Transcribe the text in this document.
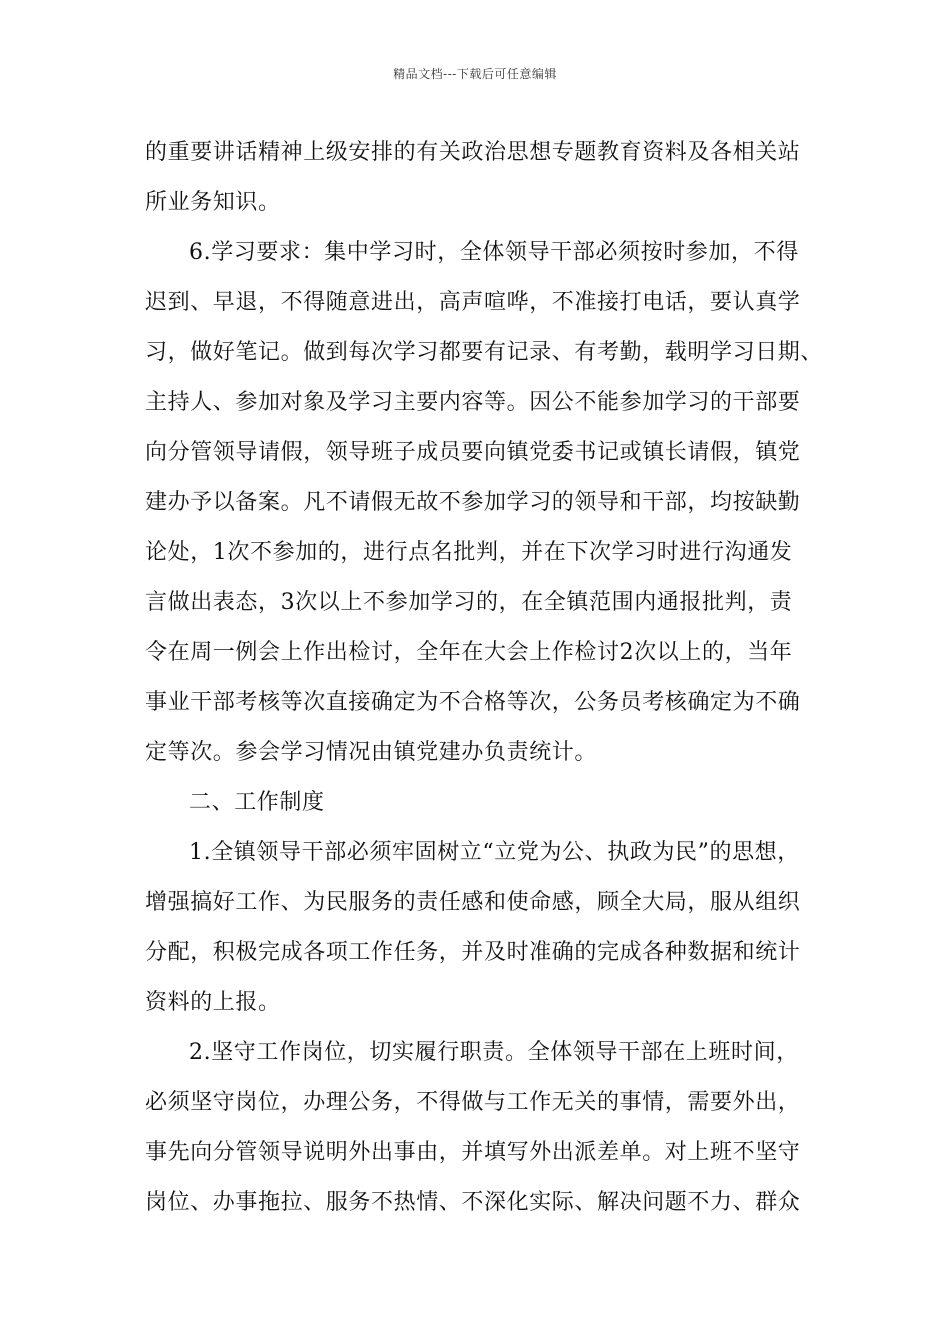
精品文档---下载后可任意编辑
的重要讲话精神上级安排的有关政治思想专题教育资料及各相关站
所业务知识。
6.学习要求：集中学习时，全体领导干部必须按时参加，不得
迟到、早退，不得随意进出，高声喧哗，不准接打电话，要认真学
习，做好笔记。做到每次学习都要有记录、有考勤，载明学习日期、
主持人、参加对象及学习主要内容等。因公不能参加学习的干部要
向分管领导请假，领导班子成员要向镇党委书记或镇长请假，镇党
建办予以备案。凡不请假无故不参加学习的领导和干部，均按缺勤
论处，1次不参加的，进行点名批判，并在下次学习时进行沟通发
言做出表态，3次以上不参加学习的，在全镇范围内通报批判，责
令在周一例会上作出检讨，全年在大会上作检讨2次以上的，当年
事业干部考核等次直接确定为不合格等次，公务员考核确定为不确
定等次。参会学习情况由镇党建办负责统计。
二、工作制度
1.全镇领导干部必须牢固树立“立党为公、执政为民”的思想，
增强搞好工作、为民服务的责任感和使命感，顾全大局，服从组织
分配，积极完成各项工作任务，并及时准确的完成各种数据和统计
资料的上报。
2.坚守工作岗位，切实履行职责。全体领导干部在上班时间，
必须坚守岗位，办理公务，不得做与工作无关的事情，需要外出，
事先向分管领导说明外出事由，并填写外出派差单。对上班不坚守
岗位、办事拖拉、服务不热情、不深化实际、解决问题不力、群众
